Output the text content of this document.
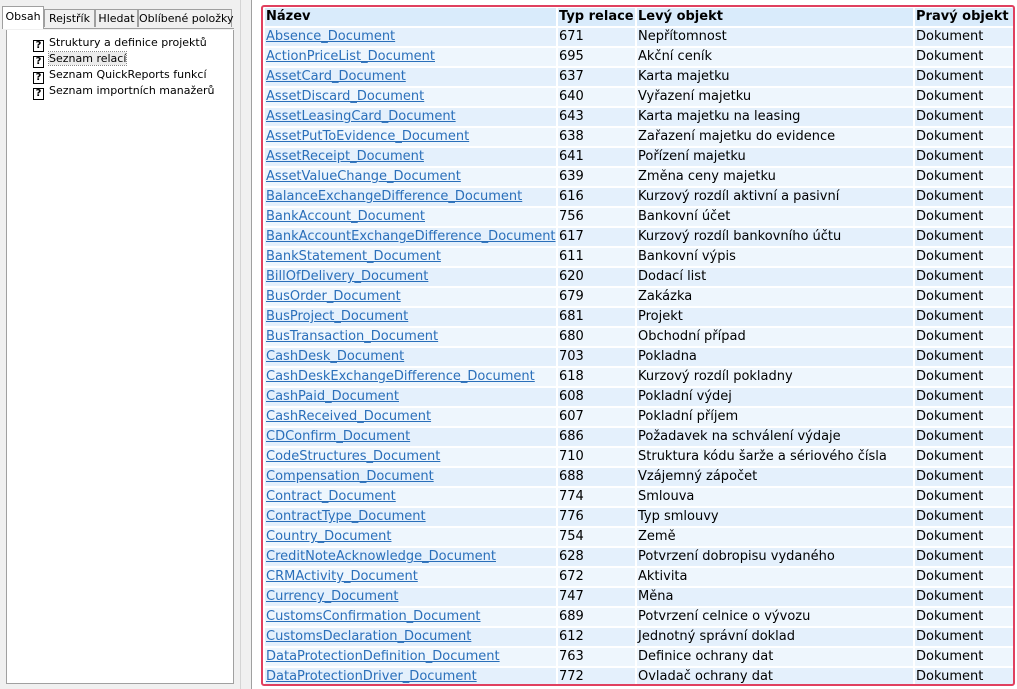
Obsah Rejstřík Hledat Oblíbené položky
? Struktury a definice projektů
? Seznam relací
? Seznam QuickReports funkcí
? Seznam importních manažerů
Název	Typ relace	Levý objekt	Pravý objekt
Absence_Document	671	Nepřítomnost	Dokument
ActionPriceList_Document	695	Akční ceník	Dokument
AssetCard_Document	637	Karta majetku	Dokument
AssetDiscard_Document	640	Vyřazení majetku	Dokument
AssetLeasingCard_Document	643	Karta majetku na leasing	Dokument
AssetPutToEvidence_Document	638	Zařazení majetku do evidence	Dokument
AssetReceipt_Document	641	Pořízení majetku	Dokument
AssetValueChange_Document	639	Změna ceny majetku	Dokument
BalanceExchangeDifference_Document	616	Kurzový rozdíl aktivní a pasivní	Dokument
BankAccount_Document	756	Bankovní účet	Dokument
BankAccountExchangeDifference_Document	617	Kurzový rozdíl bankovního účtu	Dokument
BankStatement_Document	611	Bankovní výpis	Dokument
BillOfDelivery_Document	620	Dodací list	Dokument
BusOrder_Document	679	Zakázka	Dokument
BusProject_Document	681	Projekt	Dokument
BusTransaction_Document	680	Obchodní případ	Dokument
CashDesk_Document	703	Pokladna	Dokument
CashDeskExchangeDifference_Document	618	Kurzový rozdíl pokladny	Dokument
CashPaid_Document	608	Pokladní výdej	Dokument
CashReceived_Document	607	Pokladní příjem	Dokument
CDConfirm_Document	686	Požadavek na schválení výdaje	Dokument
CodeStructures_Document	710	Struktura kódu šarže a sériového čísla	Dokument
Compensation_Document	688	Vzájemný zápočet	Dokument
Contract_Document	774	Smlouva	Dokument
ContractType_Document	776	Typ smlouvy	Dokument
Country_Document	754	Země	Dokument
CreditNoteAcknowledge_Document	628	Potvrzení dobropisu vydaného	Dokument
CRMActivity_Document	672	Aktivita	Dokument
Currency_Document	747	Měna	Dokument
CustomsConfirmation_Document	689	Potvrzení celnice o vývozu	Dokument
CustomsDeclaration_Document	612	Jednotný správní doklad	Dokument
DataProtectionDefinition_Document	763	Definice ochrany dat	Dokument
DataProtectionDriver_Document	772	Ovladač ochrany dat	Dokument
